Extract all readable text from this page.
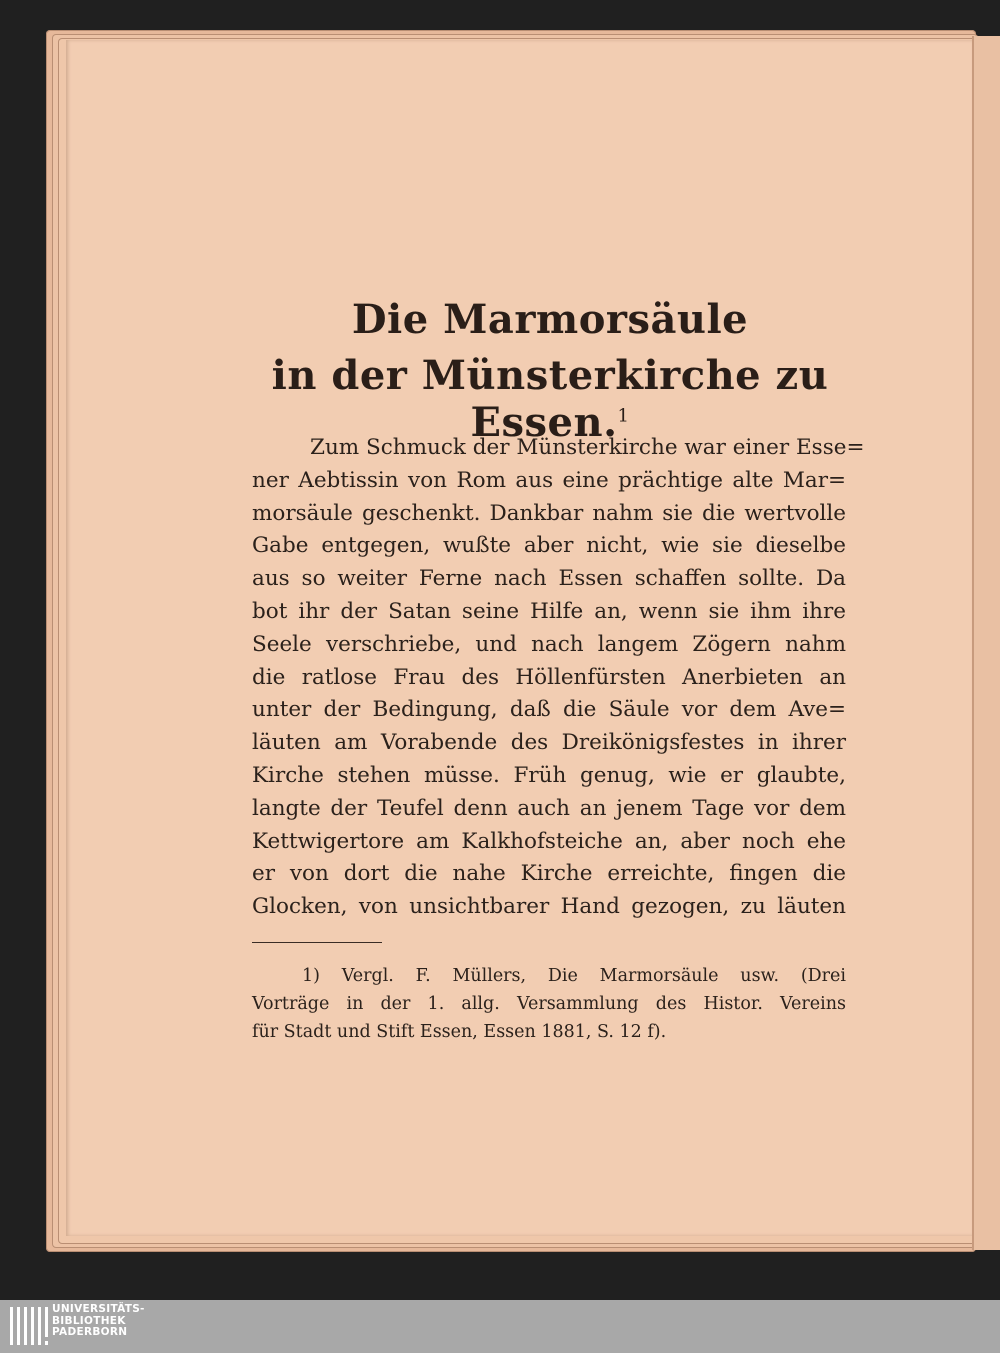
Die Marmorsäule
in der Münsterkirche zu Essen.$^1$
Zum Schmuck der Münsterkirche war einer Esse=
ner Aebtissin von Rom aus eine prächtige alte Mar=
morsäule geschenkt. Dankbar nahm sie die wertvolle
Gabe entgegen, wußte aber nicht, wie sie dieselbe
aus so weiter Ferne nach Essen schaffen sollte. Da
bot ihr der Satan seine Hilfe an, wenn sie ihm ihre
Seele verschriebe, und nach langem Zögern nahm
die ratlose Frau des Höllenfürsten Anerbieten an
unter der Bedingung, daß die Säule vor dem Ave=
läuten am Vorabende des Dreikönigsfestes in ihrer
Kirche stehen müsse. Früh genug, wie er glaubte,
langte der Teufel denn auch an jenem Tage vor dem
Kettwigertore am Kalkhofsteiche an, aber noch ehe
er von dort die nahe Kirche erreichte, fingen die
Glocken, von unsichtbarer Hand gezogen, zu läuten
1) Vergl. F. Müllers, Die Marmorsäule usw. (Drei
Vorträge in der 1. allg. Versammlung des Histor. Vereins
für Stadt und Stift Essen, Essen 1881, S. 12 f).
UNIVERSITÄTS-
BIBLIOTHEK
PADERBORN
